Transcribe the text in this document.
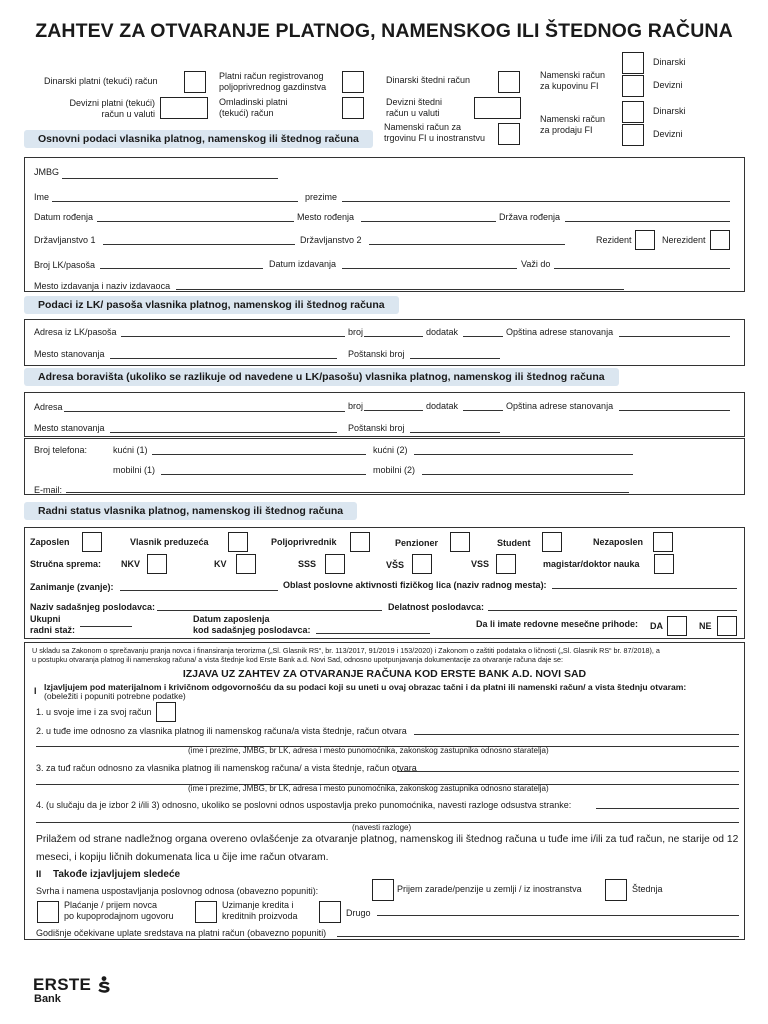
ZAHTEV ZA OTVARANJE PLATNOG, NAMENSKOG ILI ŠTEDNOG RAČUNA
Dinarski platni (tekući) račun
Devizni platni (tekući)
račun u valuti
Platni račun registrovanog
poljoprivrednog gazdinstva
Omladinski platni
(tekući) račun
Dinarski štedni račun
Devizni štedni
račun u valuti
Namenski račun za
trgovinu FI u inostranstvu
Namenski račun
za kupovinu FI
Dinarski
Devizni
Namenski račun
za prodaju FI
Dinarski
Devizni
Osnovni podaci vlasnika platnog, namenskog ili štednog računa
JMBG
Ime	prezime
Datum rođenja	Mesto rođenja	Država rođenja
Državljanstvo 1	Državljanstvo 2	Rezident	Nerezident
Broj LK/pasoša	Datum izdavanja	Važi do
Mesto izdavanja i naziv izdavaoca
Podaci iz LK/ pasoša vlasnika platnog, namenskog ili štednog računa
Adresa iz LK/pasoša	broj	dodatak	Opština adrese stanovanja
Mesto stanovanja	Poštanski broj
Adresa boravišta (ukoliko se razlikuje od navedene u LK/pasošu) vlasnika platnog, namenskog ili štednog računa
Adresa	broj	dodatak	Opština adrese stanovanja
Mesto stanovanja	Poštanski broj
Broj telefona:	kućni (1)	kućni (2)
mobilni (1)	mobilni (2)
E-mail:
Radni status vlasnika platnog, namenskog ili štednog računa
Zaposlen	Vlasnik preduzeća	Poljoprivrednik	Penzioner	Student	Nezaposlen
Stručna sprema: NKV	KV	SSS	VŠS	VSS	magistar/doktor nauka
Zanimanje (zvanje):	Oblast poslovne aktivnosti fizičkog lica (naziv radnog mesta):
Naziv sadašnjeg poslodavca:	Delatnost poslodavca:
Ukupni
radni staž:
Datum zaposlenja
kod sadašnjeg poslodavca:
Da li imate redovne mesečne prihode: DA	NE
U skladu sa Zakonom o sprečavanju pranja novca i finansiranja terorizma („Sl. Glasnik RS“, br. 113/2017, 91/2019 i 153/2020) i Zakonom o zaštiti podataka o ličnosti („Sl. Glasnik RS“ br. 87/2018), a
u postupku otvaranja platnog ili namenskog računa/ a vista štednje kod Erste Bank a.d. Novi Sad, odnosno upotpunjavanja dokumentacije za otvaranje računa daje se:
IZJAVA UZ ZAHTEV ZA OTVARANJE RAČUNA KOD ERSTE BANK A.D. NOVI SAD
I Izjavljujem pod materijalnom i krivičnom odgovornošću da su podaci koji su uneti u ovaj obrazac tačni i da platni ili namenski račun/ a vista štednju otvaram:
(obeležiti i popuniti potrebne podatke)
1. u svoje ime i za svoj račun
2. u tuđe ime odnosno za vlasnika platnog ili namenskog računa/a vista štednje, račun otvara
(ime i prezime, JMBG, br LK, adresa i mesto punomoćnika, zakonskog zastupnika odnosno staratelja)
3. za tuđ račun odnosno za vlasnika platnog ili namenskog računa/ a vista štednje, račun otvara
(ime i prezime, JMBG, br LK, adresa i mesto punomoćnika, zakonskog zastupnika odnosno staratelja)
4. (u slučaju da je izbor 2 i/ili 3) odnosno, ukoliko se poslovni odnos uspostavlja preko punomoćnika, navesti razloge odsustva stranke:
(navesti razloge)
Prilažem od strane nadležnog organa overeno ovlašćenje za otvaranje platnog, namenskog ili štednog računa u tuđe ime i/ili za tuđ račun, ne starije od 12
meseci, i kopiju ličnih dokumenata lica u čije ime račun otvaram.
II Takođe izjavljujem sledeće
Svrha i namena uspostavljanja poslovnog odnosa (obavezno popuniti):	Prijem zarade/penzije u zemlji / iz inostranstva	Štednja
Plaćanje / prijem novca
po kupoprodajnom ugovoru
Uzimanje kredita i
kreditnih proizvoda	Drugo
Godišnje očekivane uplate sredstava na platni račun (obavezno popuniti)
ERSTE
Bank
